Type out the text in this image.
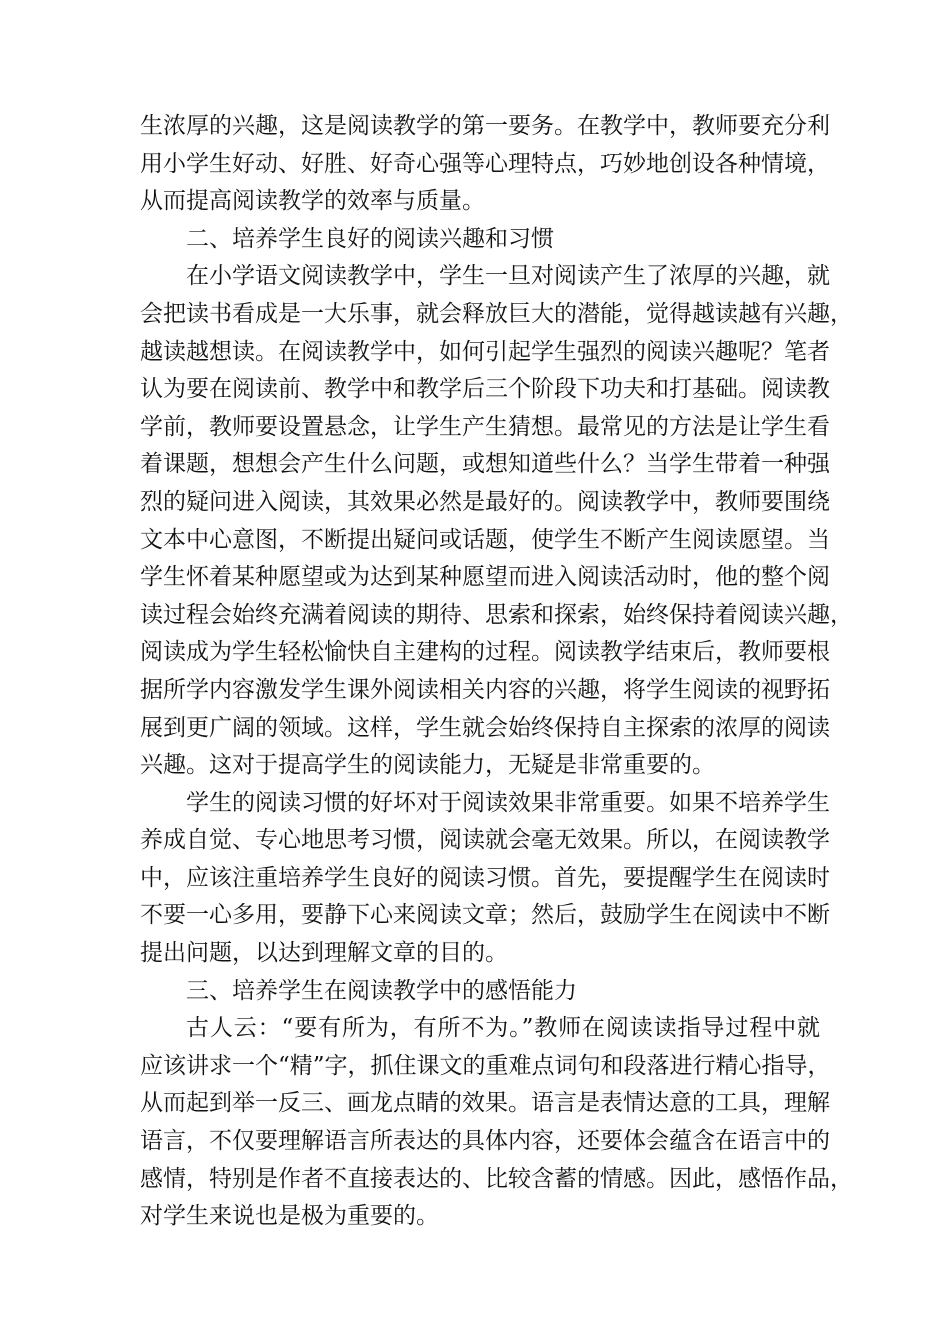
生浓厚的兴趣，这是阅读教学的第一要务。在教学中，教师要充分利
用小学生好动、好胜、好奇心强等心理特点，巧妙地创设各种情境，
从而提高阅读教学的效率与质量。

二、培养学生良好的阅读兴趣和习惯

在小学语文阅读教学中，学生一旦对阅读产生了浓厚的兴趣，就
会把读书看成是一大乐事，就会释放巨大的潜能，觉得越读越有兴趣，
越读越想读。在阅读教学中，如何引起学生强烈的阅读兴趣呢？笔者
认为要在阅读前、教学中和教学后三个阶段下功夫和打基础。阅读教
学前，教师要设置悬念，让学生产生猜想。最常见的方法是让学生看
着课题，想想会产生什么问题，或想知道些什么？当学生带着一种强
烈的疑问进入阅读，其效果必然是最好的。阅读教学中，教师要围绕
文本中心意图，不断提出疑问或话题，使学生不断产生阅读愿望。当
学生怀着某种愿望或为达到某种愿望而进入阅读活动时，他的整个阅
读过程会始终充满着阅读的期待、思索和探索，始终保持着阅读兴趣，
阅读成为学生轻松愉快自主建构的过程。阅读教学结束后，教师要根
据所学内容激发学生课外阅读相关内容的兴趣，将学生阅读的视野拓
展到更广阔的领域。这样，学生就会始终保持自主探索的浓厚的阅读
兴趣。这对于提高学生的阅读能力，无疑是非常重要的。

学生的阅读习惯的好坏对于阅读效果非常重要。如果不培养学生
养成自觉、专心地思考习惯，阅读就会毫无效果。所以，在阅读教学
中，应该注重培养学生良好的阅读习惯。首先，要提醒学生在阅读时
不要一心多用，要静下心来阅读文章；然后，鼓励学生在阅读中不断
提出问题，以达到理解文章的目的。

三、培养学生在阅读教学中的感悟能力

古人云：“要有所为，有所不为。”教师在阅读读指导过程中就
应该讲求一个“精”字，抓住课文的重难点词句和段落进行精心指导，
从而起到举一反三、画龙点睛的效果。语言是表情达意的工具，理解
语言，不仅要理解语言所表达的具体内容，还要体会蕴含在语言中的
感情，特别是作者不直接表达的、比较含蓄的情感。因此，感悟作品，
对学生来说也是极为重要的。
